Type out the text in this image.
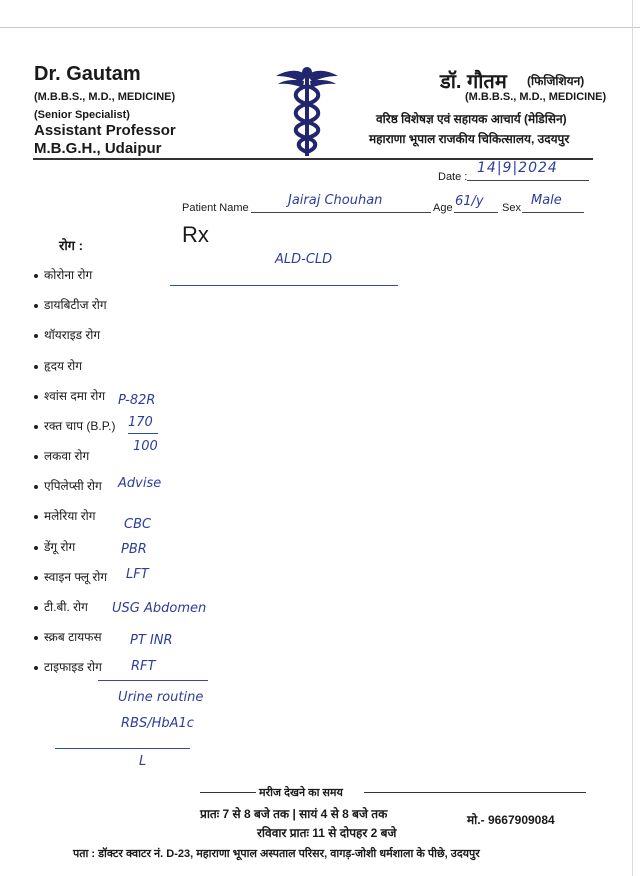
Dr. Gautam
(M.B.B.S., M.D., MEDICINE)
(Senior Specialist)
Assistant Professor
M.B.G.H., Udaipur
डॉ. गौतम (फिजिशियन)
(M.B.B.S., M.D., MEDICINE)
वरिष्ठ विशेषज्ञ एवं सहायक आचार्य (मेडिसिन)
महाराणा भूपाल राजकीय चिकित्सालय, उदयपुर
Date :
14|9|2024
Patient Name	Jairaj Chouhan	Age 61/y Sex Male
Rx
रोग :
कोरोना रोग
डायबिटीज रोग
थॉयराइड रोग
हृदय रोग
श्वांस दमा रोग
रक्त चाप (B.P.)
लकवा रोग
एपिलेप्सी रोग
मलेरिया रोग
डेंगू रोग
स्वाइन फ्लू रोग
टी.बी. रोग
स्क्रब टायफस
टाइफाइड रोग
ALD-CLD
P-82R
170
100
Advise
CBC
PBR
LFT
USG Abdomen
PT INR
RFT
Urine routine
RBS/HbA1c
L
मरीज देखने का समय
प्रातः 7 से 8 बजे तक | सायं 4 से 8 बजे तक
रविवार प्रातः 11 से दोपहर 2 बजे
मो.- 9667909084
पता : डॉक्टर क्वाटर नं. D-23, महाराणा भूपाल अस्पताल परिसर, वागड़-जोशी धर्मशाला के पीछे, उदयपुर
